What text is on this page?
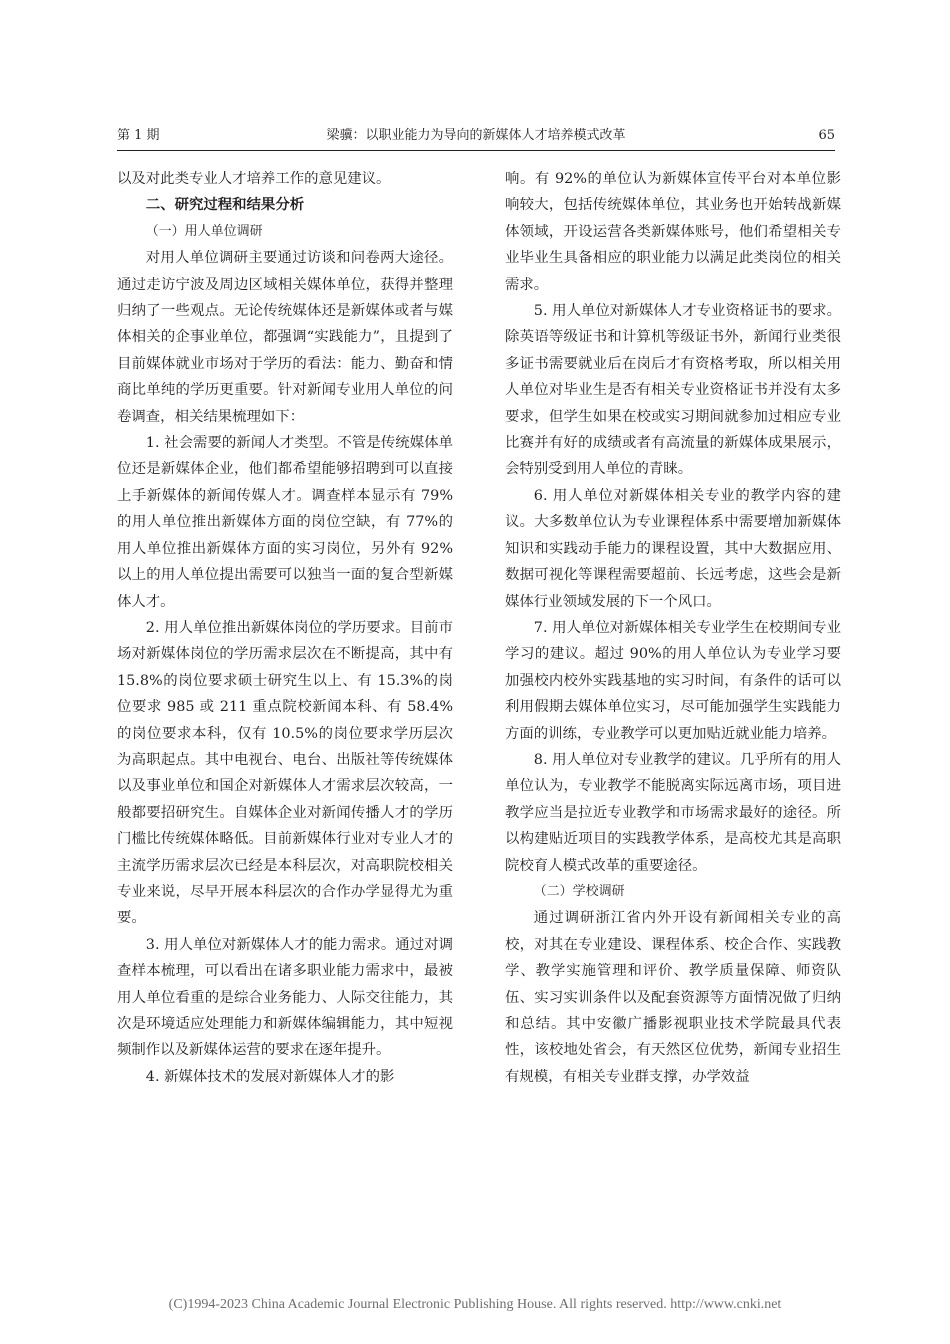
第 1 期	梁骥：以职业能力为导向的新媒体人才培养模式改革	65

以及对此类专业人才培养工作的意见建议。

二、研究过程和结果分析

（一）用人单位调研

对用人单位调研主要通过访谈和问卷两大途径。通过走访宁波及周边区域相关媒体单位，获得并整理归纳了一些观点。无论传统媒体还是新媒体或者与媒体相关的企事业单位，都强调“实践能力”，且提到了目前媒体就业市场对于学历的看法：能力、勤奋和情商比单纯的学历更重要。针对新闻专业用人单位的问卷调查，相关结果梳理如下：

1. 社会需要的新闻人才类型。不管是传统媒体单位还是新媒体企业，他们都希望能够招聘到可以直接上手新媒体的新闻传媒人才。调查样本显示有 79%的用人单位推出新媒体方面的岗位空缺，有 77%的用人单位推出新媒体方面的实习岗位，另外有 92%以上的用人单位提出需要可以独当一面的复合型新媒体人才。

2. 用人单位推出新媒体岗位的学历要求。目前市场对新媒体岗位的学历需求层次在不断提高，其中有 15.8%的岗位要求硕士研究生以上、有 15.3%的岗位要求 985 或 211 重点院校新闻本科、有 58.4%的岗位要求本科，仅有 10.5%的岗位要求学历层次为高职起点。其中电视台、电台、出版社等传统媒体以及事业单位和国企对新媒体人才需求层次较高，一般都要招研究生。自媒体企业对新闻传播人才的学历门槛比传统媒体略低。目前新媒体行业对专业人才的主流学历需求层次已经是本科层次，对高职院校相关专业来说，尽早开展本科层次的合作办学显得尤为重要。

3. 用人单位对新媒体人才的能力需求。通过对调查样本梳理，可以看出在诸多职业能力需求中，最被用人单位看重的是综合业务能力、人际交往能力，其次是环境适应处理能力和新媒体编辑能力，其中短视频制作以及新媒体运营的要求在逐年提升。

4. 新媒体技术的发展对新媒体人才的影

响。有 92%的单位认为新媒体宣传平台对本单位影响较大，包括传统媒体单位，其业务也开始转战新媒体领域，开设运营各类新媒体账号，他们希望相关专业毕业生具备相应的职业能力以满足此类岗位的相关需求。

5. 用人单位对新媒体人才专业资格证书的要求。除英语等级证书和计算机等级证书外，新闻行业类很多证书需要就业后在岗后才有资格考取，所以相关用人单位对毕业生是否有相关专业资格证书并没有太多要求，但学生如果在校或实习期间就参加过相应专业比赛并有好的成绩或者有高流量的新媒体成果展示，会特别受到用人单位的青睐。

6. 用人单位对新媒体相关专业的教学内容的建议。大多数单位认为专业课程体系中需要增加新媒体知识和实践动手能力的课程设置，其中大数据应用、数据可视化等课程需要超前、长远考虑，这些会是新媒体行业领域发展的下一个风口。

7. 用人单位对新媒体相关专业学生在校期间专业学习的建议。超过 90%的用人单位认为专业学习要加强校内校外实践基地的实习时间，有条件的话可以利用假期去媒体单位实习，尽可能加强学生实践能力方面的训练，专业教学可以更加贴近就业能力培养。

8. 用人单位对专业教学的建议。几乎所有的用人单位认为，专业教学不能脱离实际远离市场，项目进教学应当是拉近专业教学和市场需求最好的途径。所以构建贴近项目的实践教学体系，是高校尤其是高职院校育人模式改革的重要途径。

（二）学校调研

通过调研浙江省内外开设有新闻相关专业的高校，对其在专业建设、课程体系、校企合作、实践教学、教学实施管理和评价、教学质量保障、师资队伍、实习实训条件以及配套资源等方面情况做了归纳和总结。其中安徽广播影视职业技术学院最具代表性，该校地处省会，有天然区位优势，新闻专业招生有规模，有相关专业群支撑，办学效益

(C)1994-2023 China Academic Journal Electronic Publishing House. All rights reserved. http://www.cnki.net
